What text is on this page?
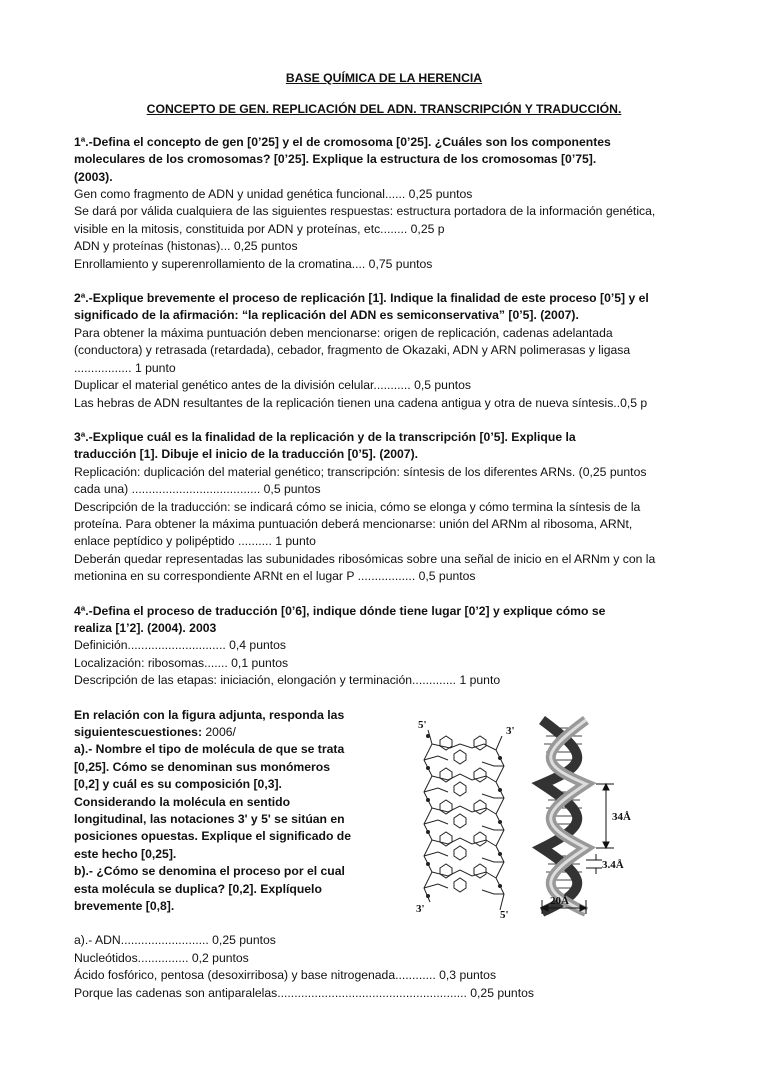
BASE QUÍMICA DE LA HERENCIA

CONCEPTO DE GEN. REPLICACIÓN DEL ADN. TRANSCRIPCIÓN Y TRADUCCIÓN.

1ª.-Defina el concepto de gen [0’25] y el de cromosoma [0’25]. ¿Cuáles son los componentes
moleculares de los cromosomas? [0’25]. Explique la estructura de los cromosomas [0’75].
(2003).
Gen como fragmento de ADN y unidad genética funcional...... 0,25 puntos
Se dará por válida cualquiera de las siguientes respuestas: estructura portadora de la información genética,
visible en la mitosis, constituida por ADN y proteínas, etc........ 0,25 p
ADN y proteínas (histonas)... 0,25 puntos
Enrollamiento y superenrollamiento de la cromatina.... 0,75 puntos
2ª.-Explique brevemente el proceso de replicación [1]. Indique la finalidad de este proceso [0’5] y el
significado de la afirmación: “la replicación del ADN es semiconservativa” [0’5]. (2007).
Para obtener la máxima puntuación deben mencionarse: origen de replicación, cadenas adelantada
(conductora) y retrasada (retardada), cebador, fragmento de Okazaki, ADN y ARN polimerasas y ligasa
................. 1 punto
Duplicar el material genético antes de la división celular........... 0,5 puntos
Las hebras de ADN resultantes de la replicación tienen una cadena antigua y otra de nueva síntesis..0,5 p
3ª.-Explique cuál es la finalidad de la replicación y de la transcripción [0’5]. Explique la
traducción [1]. Dibuje el inicio de la traducción [0’5]. (2007).
Replicación: duplicación del material genético; transcripción: síntesis de los diferentes ARNs. (0,25 puntos
cada una) ...................................... 0,5 puntos
Descripción de la traducción: se indicará cómo se inicia, cómo se elonga y cómo termina la síntesis de la
proteína. Para obtener la máxima puntuación deberá mencionarse: unión del ARNm al ribosoma, ARNt,
enlace peptídico y polipéptido .......... 1 punto
Deberán quedar representadas las subunidades ribosómicas sobre una señal de inicio en el ARNm y con la
metionina en su correspondiente ARNt en el lugar P ................. 0,5 puntos
4ª.-Defina el proceso de traducción [0’6], indique dónde tiene lugar [0’2] y explique cómo se
realiza [1’2]. (2004). 2003
Definición............................. 0,4 puntos
Localización: ribosomas....... 0,1 puntos
Descripción de las etapas: iniciación, elongación y terminación............. 1 punto
En relación con la figura adjunta, responda las
siguientescuestiones: 2006/
a).- Nombre el tipo de molécula de que se trata
[0,25]. Cómo se denominan sus monómeros
[0,2] y cuál es su composición [0,3].
Considerando la molécula en sentido
longitudinal, las notaciones 3' y 5' se sitúan en
posiciones opuestas. Explique el significado de
este hecho [0,25].
b).- ¿Cómo se denomina el proceso por el cual
esta molécula se duplica? [0,2]. Explíquelo
brevemente [0,8].
a).- ADN.......................... 0,25 puntos
Nucleótidos............... 0,2 puntos
Ácido fosfórico, pentosa (desoxirribosa) y base nitrogenada............ 0,3 puntos
Porque las cadenas son antiparalelas........................................................ 0,25 puntos
5'	3'
3'	5'
34Å
3.4Å
20Å
